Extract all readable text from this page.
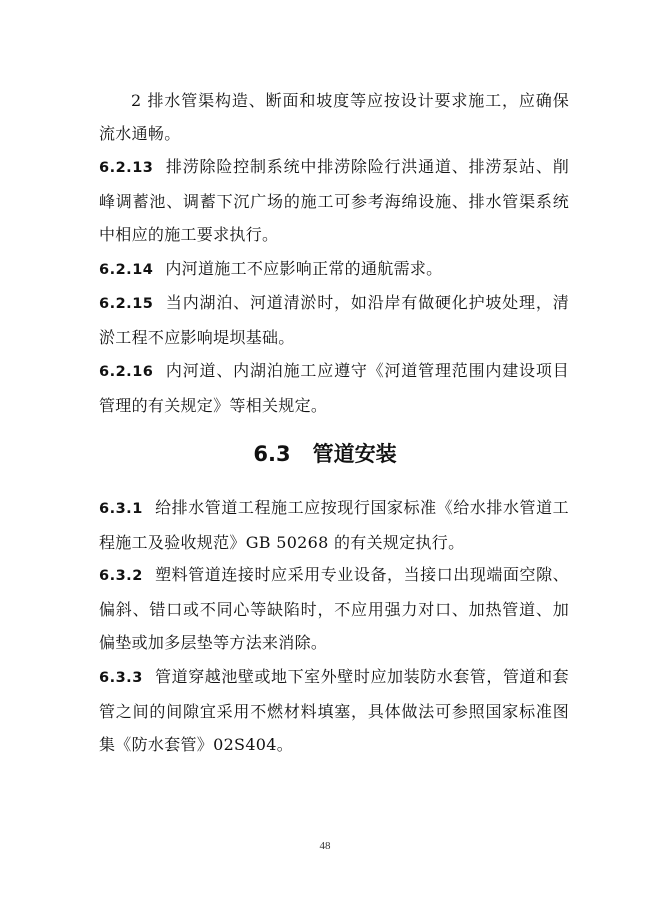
2 排水管渠构造、断面和坡度等应按设计要求施工，应确保流水通畅。

6.2.13 排涝除险控制系统中排涝除险行洪通道、排涝泵站、削峰调蓄池、调蓄下沉广场的施工可参考海绵设施、排水管渠系统中相应的施工要求执行。

6.2.14 内河道施工不应影响正常的通航需求。

6.2.15 当内湖泊、河道清淤时，如沿岸有做硬化护坡处理，清淤工程不应影响堤坝基础。

6.2.16 内河道、内湖泊施工应遵守《河道管理范围内建设项目管理的有关规定》等相关规定。

6.3 管道安装

6.3.1 给排水管道工程施工应按现行国家标准《给水排水管道工程施工及验收规范》GB 50268 的有关规定执行。

6.3.2 塑料管道连接时应采用专业设备，当接口出现端面空隙、偏斜、错口或不同心等缺陷时，不应用强力对口、加热管道、加偏垫或加多层垫等方法来消除。

6.3.3 管道穿越池壁或地下室外壁时应加装防水套管，管道和套管之间的间隙宜采用不燃材料填塞，具体做法可参照国家标准图集《防水套管》02S404。

48
